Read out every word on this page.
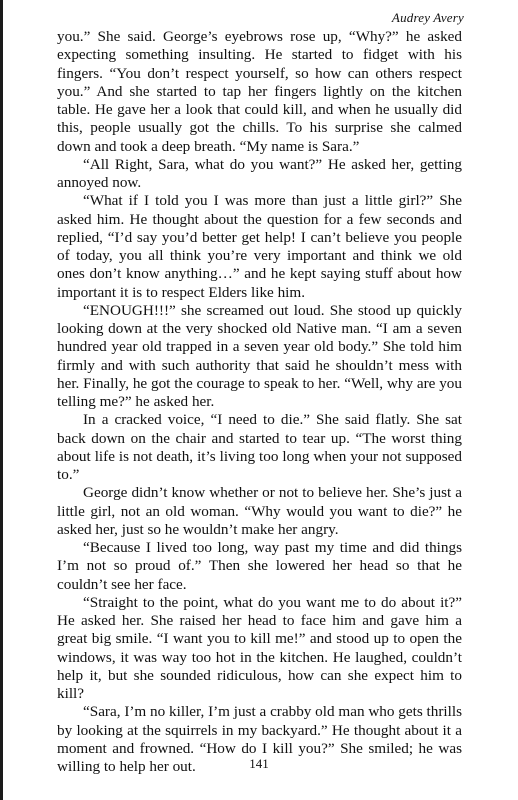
Audrey Avery

you.” She said. George’s eyebrows rose up, “Why?” he asked expecting something insulting. He started to fidget with his fingers. “You don’t respect yourself, so how can others respect you.” And she started to tap her fingers lightly on the kitchen table. He gave her a look that could kill, and when he usually did this, people usually got the chills. To his surprise she calmed down and took a deep breath. “My name is Sara.”

“All Right, Sara, what do you want?” He asked her, getting annoyed now.

“What if I told you I was more than just a little girl?” She asked him. He thought about the question for a few seconds and replied, “I’d say you’d better get help! I can’t believe you people of today, you all think you’re very important and think we old ones don’t know anything…” and he kept saying stuff about how important it is to respect Elders like him.

“ENOUGH!!!” she screamed out loud. She stood up quickly looking down at the very shocked old Native man. “I am a seven hundred year old trapped in a seven year old body.” She told him firmly and with such authority that said he shouldn’t mess with her. Finally, he got the courage to speak to her. “Well, why are you telling me?” he asked her.

In a cracked voice, “I need to die.” She said flatly. She sat back down on the chair and started to tear up. “The worst thing about life is not death, it’s living too long when your not supposed to.”

George didn’t know whether or not to believe her. She’s just a little girl, not an old woman. “Why would you want to die?” he asked her, just so he wouldn’t make her angry.

“Because I lived too long, way past my time and did things I’m not so proud of.” Then she lowered her head so that he couldn’t see her face.

“Straight to the point, what do you want me to do about it?” He asked her. She raised her head to face him and gave him a great big smile. “I want you to kill me!” and stood up to open the windows, it was way too hot in the kitchen. He laughed, couldn’t help it, but she sounded ridiculous, how can she expect him to kill?

“Sara, I’m no killer, I’m just a crabby old man who gets thrills by looking at the squirrels in my backyard.” He thought about it a moment and frowned. “How do I kill you?” She smiled; he was willing to help her out.	141
